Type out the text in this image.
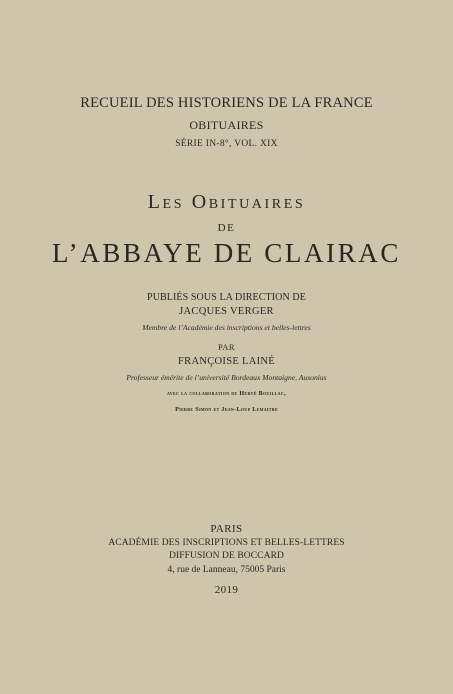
RECUEIL DES HISTORIENS DE LA FRANCE
OBITUAIRES
SÉRIE IN-8°, VOL. XIX
Les Obituaires
DE
L’ABBAYE DE CLAIRAC
PUBLIÉS SOUS LA DIRECTION DE
JACQUES VERGER
Membre de l’Académie des inscriptions et belles-lettres
PAR
FRANÇOISE LAINÉ
Professeur émérite de l’université Bordeaux Montaigne, Ausonius
avec la collaboration de Hervé Bouillac,
Pierre Simon et Jean-Loup Lemaitre
PARIS
ACADÉMIE DES INSCRIPTIONS ET BELLES-LETTRES
DIFFUSION DE BOCCARD
4, rue de Lanneau, 75005 Paris
2019
